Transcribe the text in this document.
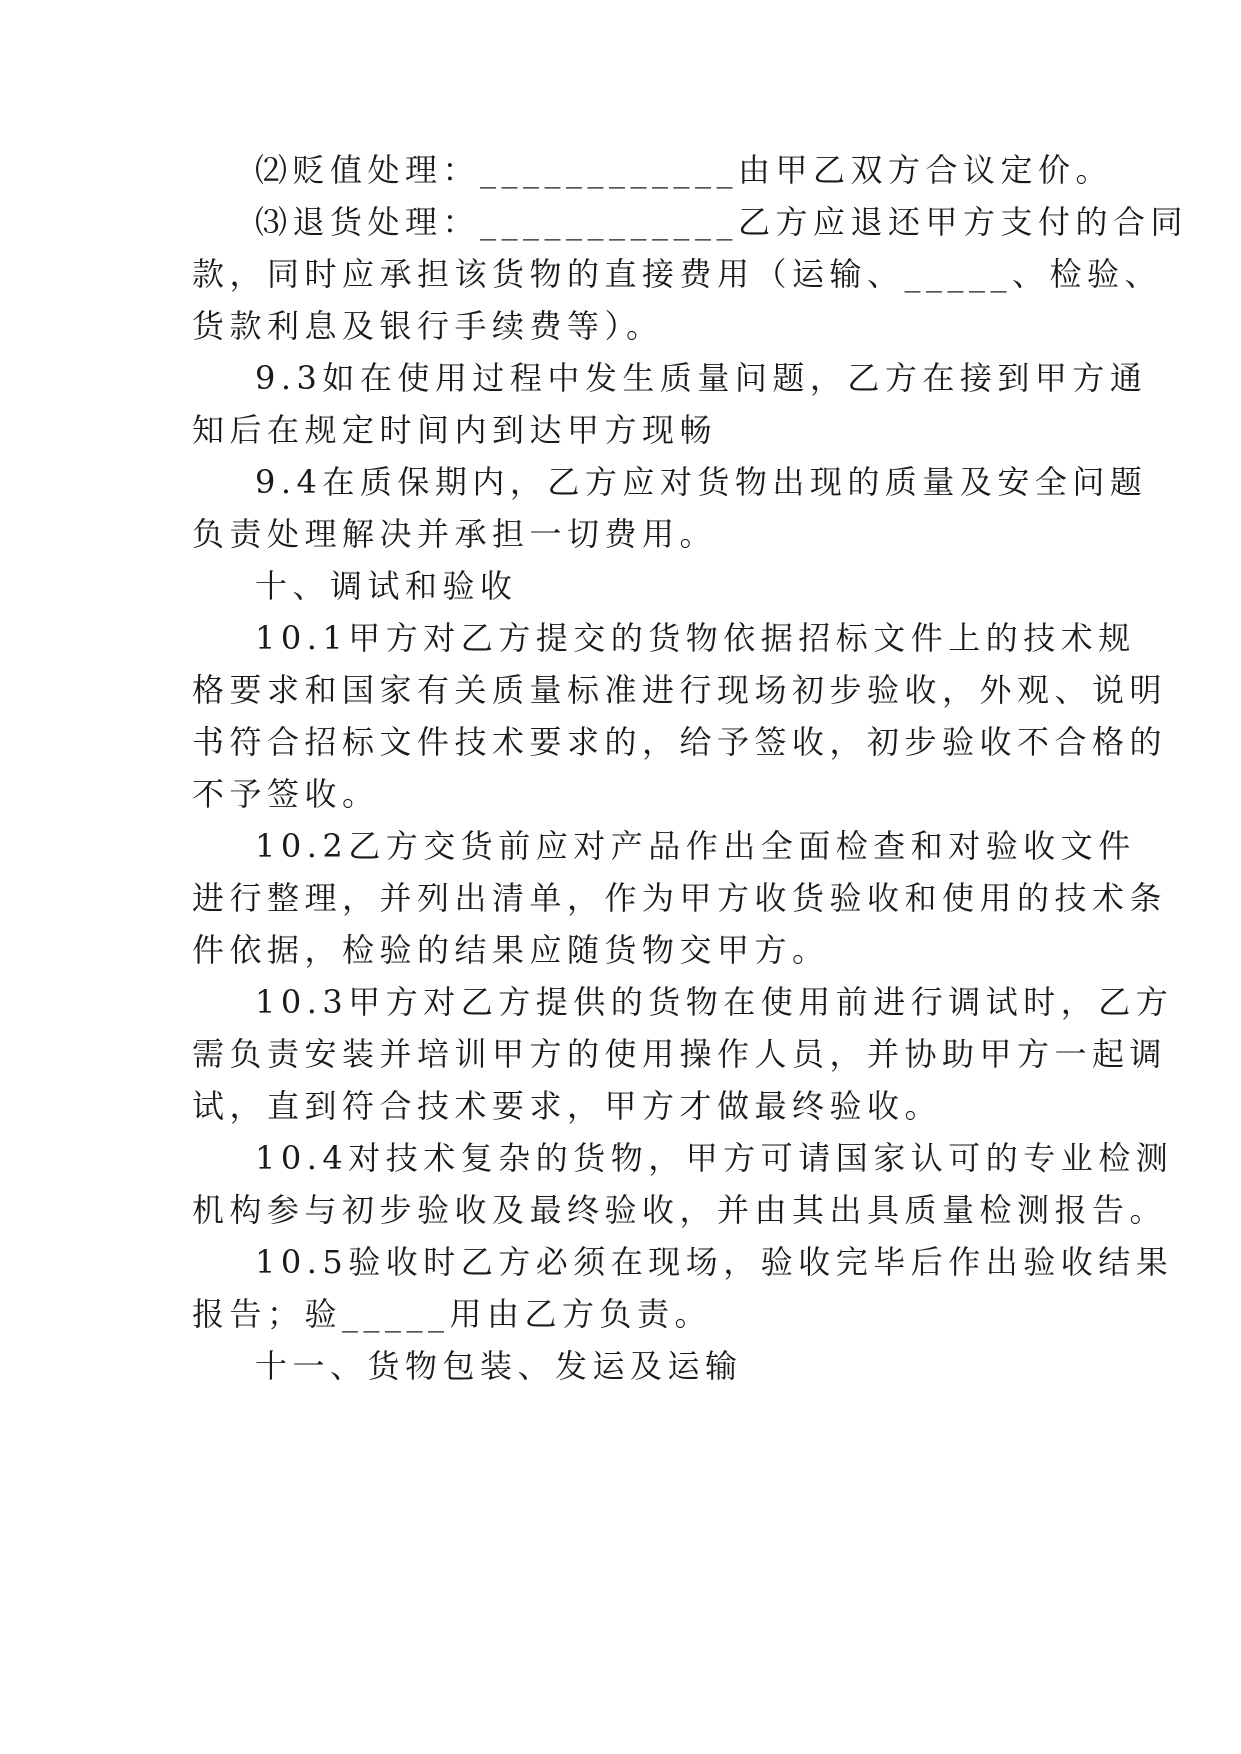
⑵贬值处理：____________由甲乙双方合议定价。
⑶退货处理：____________乙方应退还甲方支付的合同
款，同时应承担该货物的直接费用（运输、_____、检验、
货款利息及银行手续费等）。
9.3如在使用过程中发生质量问题，乙方在接到甲方通
知后在规定时间内到达甲方现畅
9.4在质保期内，乙方应对货物出现的质量及安全问题
负责处理解决并承担一切费用。
十、调试和验收
10.1甲方对乙方提交的货物依据招标文件上的技术规
格要求和国家有关质量标准进行现场初步验收，外观、说明
书符合招标文件技术要求的，给予签收，初步验收不合格的
不予签收。
10.2乙方交货前应对产品作出全面检查和对验收文件
进行整理，并列出清单，作为甲方收货验收和使用的技术条
件依据，检验的结果应随货物交甲方。
10.3甲方对乙方提供的货物在使用前进行调试时，乙方
需负责安装并培训甲方的使用操作人员，并协助甲方一起调
试，直到符合技术要求，甲方才做最终验收。
10.4对技术复杂的货物，甲方可请国家认可的专业检测
机构参与初步验收及最终验收，并由其出具质量检测报告。
10.5验收时乙方必须在现场，验收完毕后作出验收结果
报告；验_____用由乙方负责。
十一、货物包装、发运及运输
